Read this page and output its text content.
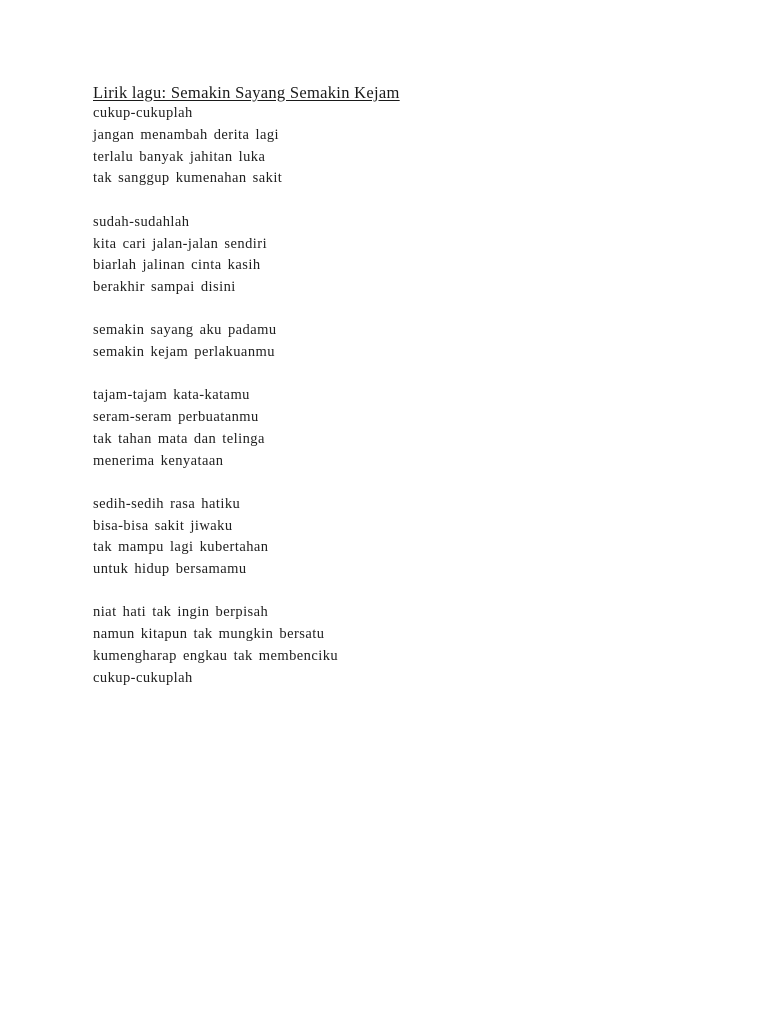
Lirik lagu: Semakin Sayang Semakin Kejam

cukup-cukuplah

jangan menambah derita lagi

terlalu banyak jahitan luka

tak sanggup kumenahan sakit

sudah-sudahlah

kita cari jalan-jalan sendiri

biarlah jalinan cinta kasih

berakhir sampai disini

semakin sayang aku padamu

semakin kejam perlakuanmu

tajam-tajam kata-katamu

seram-seram perbuatanmu

tak tahan mata dan telinga

menerima kenyataan

sedih-sedih rasa hatiku

bisa-bisa sakit jiwaku

tak mampu lagi kubertahan

untuk hidup bersamamu

niat hati tak ingin berpisah

namun kitapun tak mungkin bersatu

kumengharap engkau tak membenciku

cukup-cukuplah
